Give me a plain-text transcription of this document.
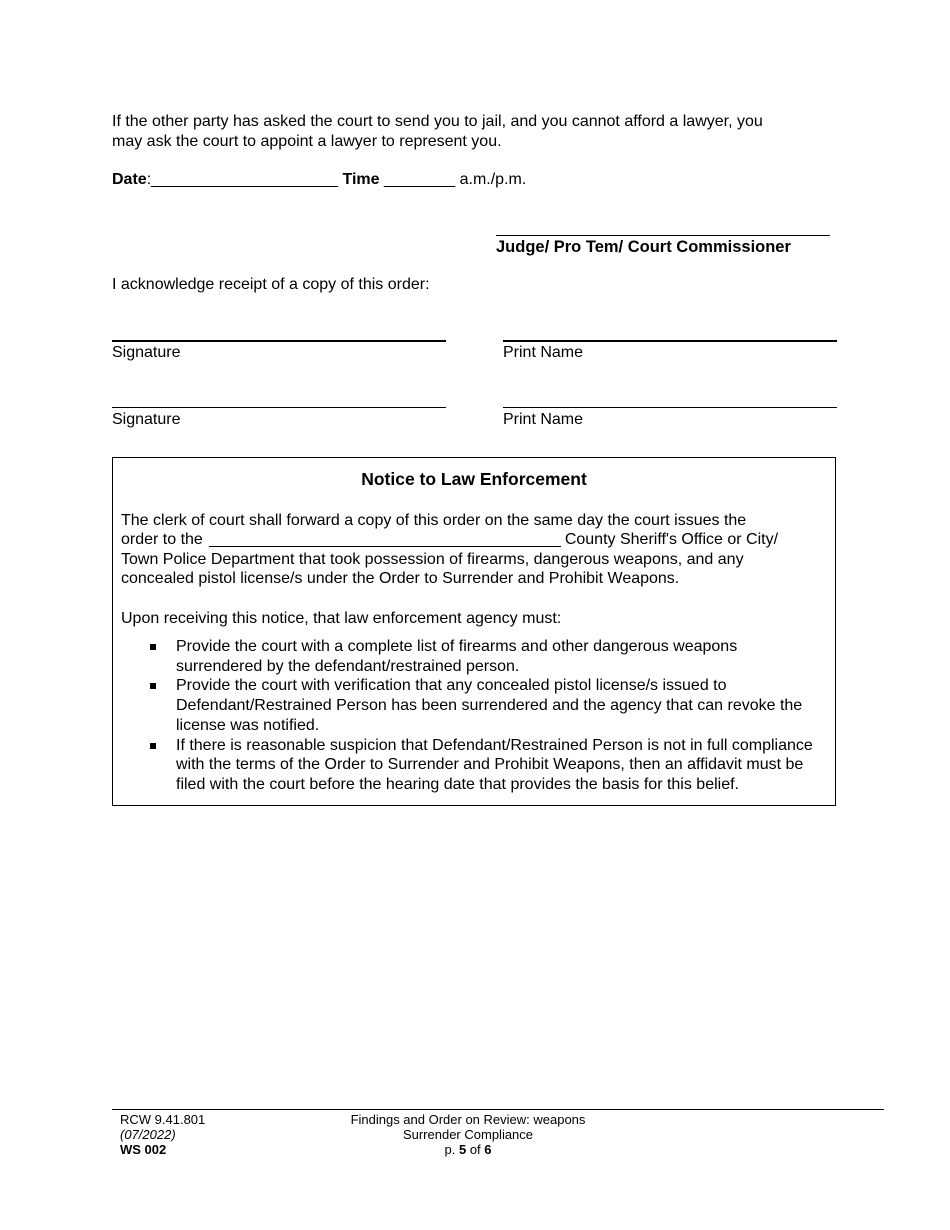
If the other party has asked the court to send you to jail, and you cannot afford a lawyer, you
may ask the court to appoint a lawyer to represent you.
Date:_____________________ Time ________ a.m./p.m.
Judge/ Pro Tem/ Court Commissioner
I acknowledge receipt of a copy of this order:
Signature	Print Name
Signature	Print Name
Notice to Law Enforcement
The clerk of court shall forward a copy of this order on the same day the court issues the
order to the	County Sheriff's Office or City/
Town Police Department that took possession of firearms, dangerous weapons, and any
concealed pistol license/s under the Order to Surrender and Prohibit Weapons.
Upon receiving this notice, that law enforcement agency must:
Provide the court with a complete list of firearms and other dangerous weapons surrendered by the defendant/restrained person.
Provide the court with verification that any concealed pistol license/s issued to Defendant/Restrained Person has been surrendered and the agency that can revoke the license was notified.
If there is reasonable suspicion that Defendant/Restrained Person is not in full compliance with the terms of the Order to Surrender and Prohibit Weapons, then an affidavit must be filed with the court before the hearing date that provides the basis for this belief.
RCW 9.41.801
(07/2022)
WS 002
Findings and Order on Review: weapons
Surrender Compliance
p. 5 of 6
